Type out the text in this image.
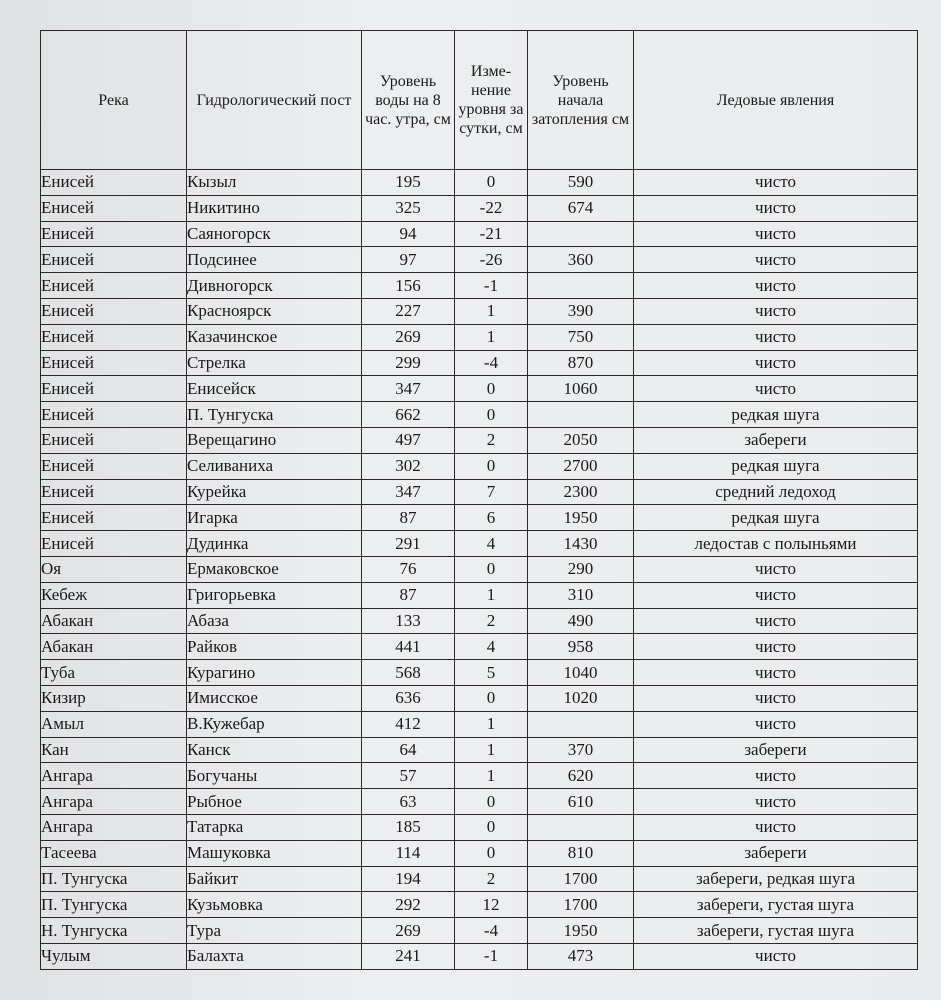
Река	Гидрологический пост	Уровень воды на 8 час. утра, см	Изме-нение уровня за сутки, см	Уровень начала затопления см	Ледовые явления
Енисей	Кызыл	195	0	590	чисто
Енисей	Никитино	325	-22	674	чисто
Енисей	Саяногорск	94	-21		чисто
Енисей	Подсинее	97	-26	360	чисто
Енисей	Дивногорск	156	-1		чисто
Енисей	Красноярск	227	1	390	чисто
Енисей	Казачинское	269	1	750	чисто
Енисей	Стрелка	299	-4	870	чисто
Енисей	Енисейск	347	0	1060	чисто
Енисей	П. Тунгуска	662	0		редкая шуга
Енисей	Верещагино	497	2	2050	забереги
Енисей	Селиваниха	302	0	2700	редкая шуга
Енисей	Курейка	347	7	2300	средний ледоход
Енисей	Игарка	87	6	1950	редкая шуга
Енисей	Дудинка	291	4	1430	ледостав с полыньями
Оя	Ермаковское	76	0	290	чисто
Кебеж	Григорьевка	87	1	310	чисто
Абакан	Абаза	133	2	490	чисто
Абакан	Райков	441	4	958	чисто
Туба	Курагино	568	5	1040	чисто
Кизир	Имисское	636	0	1020	чисто
Амыл	В.Кужебар	412	1		чисто
Кан	Канск	64	1	370	забереги
Ангара	Богучаны	57	1	620	чисто
Ангара	Рыбное	63	0	610	чисто
Ангара	Татарка	185	0		чисто
Тасеева	Машуковка	114	0	810	забереги
П. Тунгуска	Байкит	194	2	1700	забереги, редкая шуга
П. Тунгуска	Кузьмовка	292	12	1700	забереги, густая шуга
Н. Тунгуска	Тура	269	-4	1950	забереги, густая шуга
Чулым	Балахта	241	-1	473	чисто
